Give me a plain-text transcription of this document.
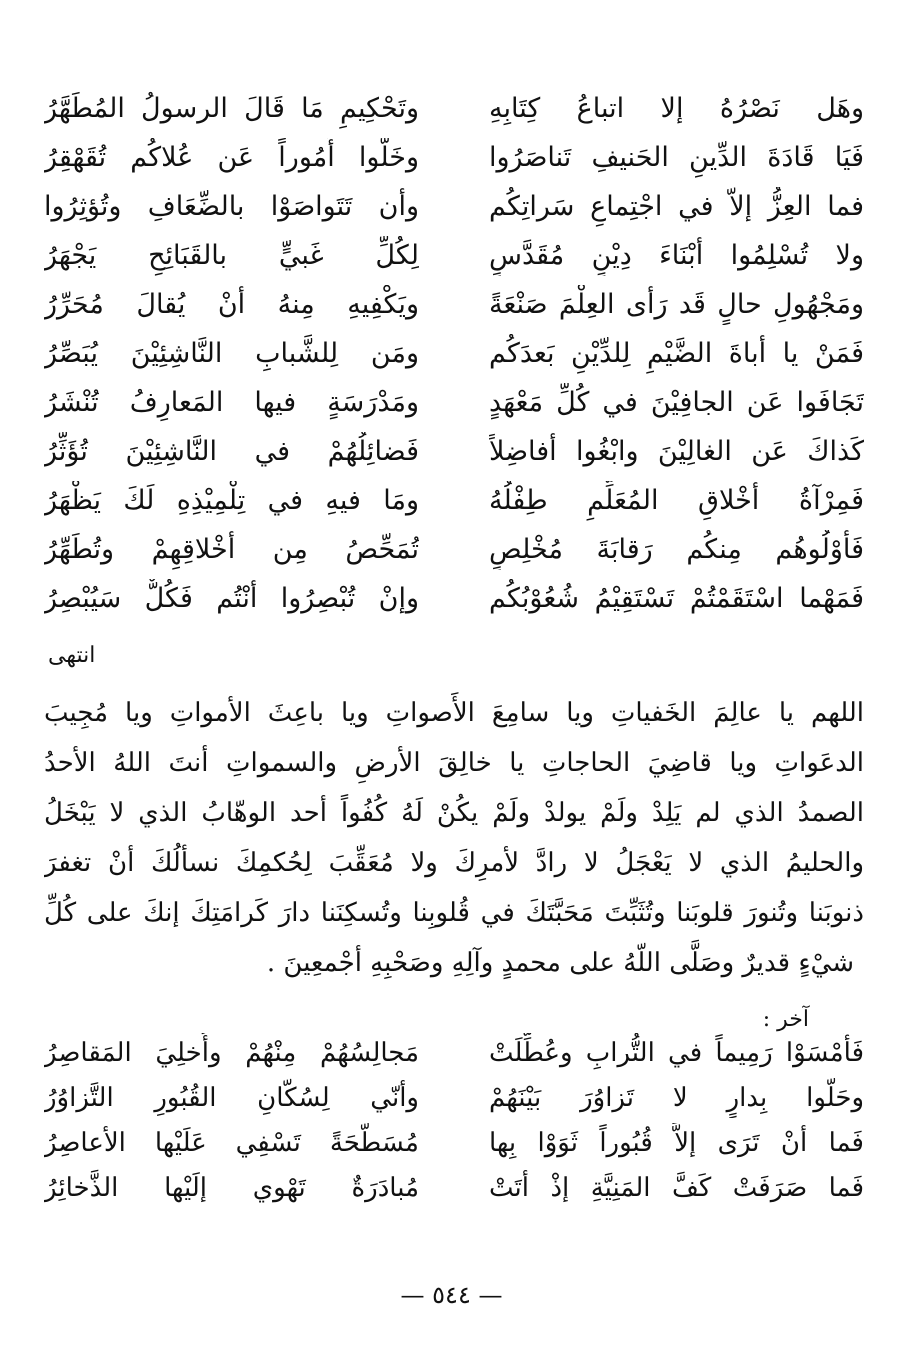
وهَل نَصْرُهُ إلا اتباعُ كِتَابِهِ
وتَحْكِيمِ مَا قَالَ الرسولُ المُطَهَّرُ
فَيَا قَادَةَ الدِّينِ الحَنيفِ تَناصَرُوا
وخَلُّوا أُمُوراً عَن عُلاكُم تُقَهْقِرُ
فما العِزُّ إلاَّ في اجْتِماعِ سَراتِكُم
وأن تَتَواصَوْا بالضِّعَافِ وتُؤثِرُوا
ولا تُسْلِمُوا أَبْنَاءَ دِيْنٍ مُقَدَّسٍ
لِكُلِّ غَبيٍّ بالقَبَائِحِ يَجْهَرُ
ومَجْهُولِ حالٍ قَد رَأى العِلْمَ صَنْعَةً
ويَكْفِيهِ مِنهُ أنْ يُقالَ مُحَرِّرُ
فَمَنْ يا أباةَ الضَّيْمِ لِلدِّيْنِ بَعدَكُم
ومَن لِلشَّبابِ النَّاشِئِيْنَ يُبَصِّرُ
تَجَافَوا عَن الجافِيْنَ في كُلِّ مَعْهَدٍ
ومَدْرَسَةٍ فيها المَعارِفُ تُنْشَرُ
كَذاكَ عَن الغالِيْنَ وابْغُوا أفاضِلاً
فَضائِلُهُمْ في النَّاشِئِيْنَ تُؤَثِّرُ
فَمِرْآةُ أخْلاقِ المُعَلِّمِ طِفْلُهُ
ومَا فيهِ في تِلْمِيْذِهِ لَكَ يَظْهَرُ
فَأَوْلُوهُم مِنكُم رَقابَةَ مُخْلِصٍ
تُمَحِّصُ مِن أخْلاقِهِمْ وتُطَهِّرُ
فَمَهْما اسْتَقَمْتُمْ تَسْتَقِيْمُ شُعُوْبُكُم
وإنْ تُبْصِرُوا أنْتُم فَكُلٌّ سَيُبْصِرُ
انتهى
اللهم يا عالِمَ الخَفياتِ ويا سامِعَ الأَصواتِ ويا باعِثَ الأمواتِ ويا مُجِيبَ
الدعَواتِ ويا قاضِيَ الحاجاتِ يا خالِقَ الأرضِ والسمواتِ أنتَ اللهُ الأحدُ
الصمدُ الذي لم يَلِدْ ولَمْ يولدْ ولَمْ يكُنْ لَهُ كُفُواً أحد الوهّابُ الذي لا يَبْخَلُ
والحليمُ الذي لا يَعْجَلُ لا رادَّ لأمرِكَ ولا مُعَقِّبَ لِحُكمِكَ نسألُكَ أنْ تغفرَ
ذنوبَنا وتُنورَ قلوبَنا وتُثَبِّتَ مَحَبَّتَكَ في قُلوبِنا وتُسكِنَنا دارَ كَرامَتِكَ إنكَ على كُلِّ
شيْءٍ قديرٌ وصَلَّى اللّهُ على محمدٍ وآلِهِ وصَحْبِهِ أجْمعِينَ .
آخر :
فَأَمْسَوْا رَمِيماً في التُّرابِ وعُطِّلَتْ
مَجالِسُهُمْ مِنْهُمْ وأُخلِيَ المَقاصِرُ
وحَلُّوا بِدارٍ لا تَزاوُرَ بَيْنَهُمْ
وأنّي لِسُكّانِ القُبُورِ التَّزاوُرُ
فَما أنْ تَرَى إلاَّ قُبُوراً ثَوَوْا بِها
مُسَطَّحَةً تَسْفِي عَلَيْها الأعاصِرُ
فَما صَرَفَتْ كَفَّ المَنِيَّةِ إذْ أتَتْ
مُبادَرَةٌ تَهْوي إلَيْها الذَّخائِرُ
— ٥٤٤ —
